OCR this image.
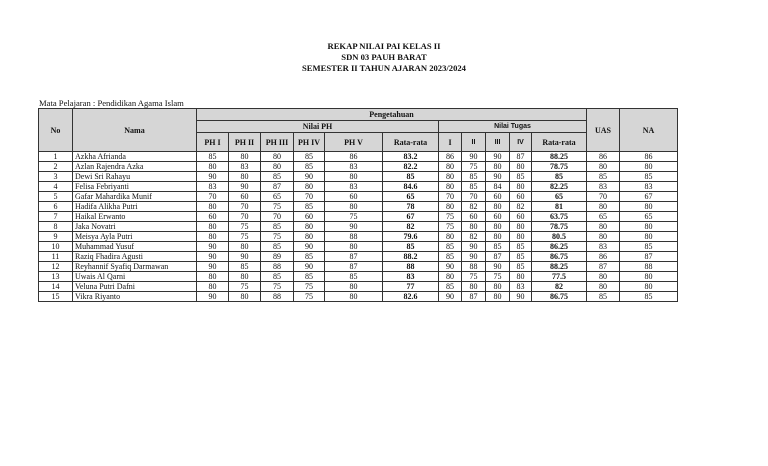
REKAP NILAI PAI KELAS II
SDN 03 PAUH BARAT
SEMESTER II TAHUN AJARAN 2023/2024
Mata Pelajaran : Pendidikan Agama Islam
No	Nama	Pengetahuan											UAS	NA
		Nilai PH						Nilai Tugas						
		PH I	PH II	PH III	PH IV	PH V	Rata-rata	I	II	III	IV	Rata-rata		
1	Azkha Afrianda	85	80	80	85	86	83.2	86	90	90	87	88.25	86	86
2	Azlan Rajendra Azka	80	83	80	85	83	82.2	80	75	80	80	78.75	80	80
3	Dewi Sri Rahayu	90	80	85	90	80	85	80	85	90	85	85	85	85
4	Felisa Febriyanti	83	90	87	80	83	84.6	80	85	84	80	82.25	83	83
5	Gafar Mahardika Munif	70	60	65	70	60	65	70	70	60	60	65	70	67
6	Hadifa Alikha Putri	80	70	75	85	80	78	80	82	80	82	81	80	80
7	Haikal Erwanto	60	70	70	60	75	67	75	60	60	60	63.75	65	65
8	Jaka Novatri	80	75	85	80	90	82	75	80	80	80	78.75	80	80
9	Meisya Ayla Putri	80	75	75	80	88	79.6	80	82	80	80	80.5	80	80
10	Muhammad Yusuf	90	80	85	90	80	85	85	90	85	85	86.25	83	85
11	Raziq Fhadira Agusti	90	90	89	85	87	88.2	85	90	87	85	86.75	86	87
12	Reyhannif Syafiq Darmawan	90	85	88	90	87	88	90	88	90	85	88.25	87	88
13	Uwais Al Qarni	80	80	85	85	85	83	80	75	75	80	77.5	80	80
14	Veluna Putri Dafni	80	75	75	75	80	77	85	80	80	83	82	80	80
15	Vikra Riyanto	90	80	88	75	80	82.6	90	87	80	90	86.75	85	85
